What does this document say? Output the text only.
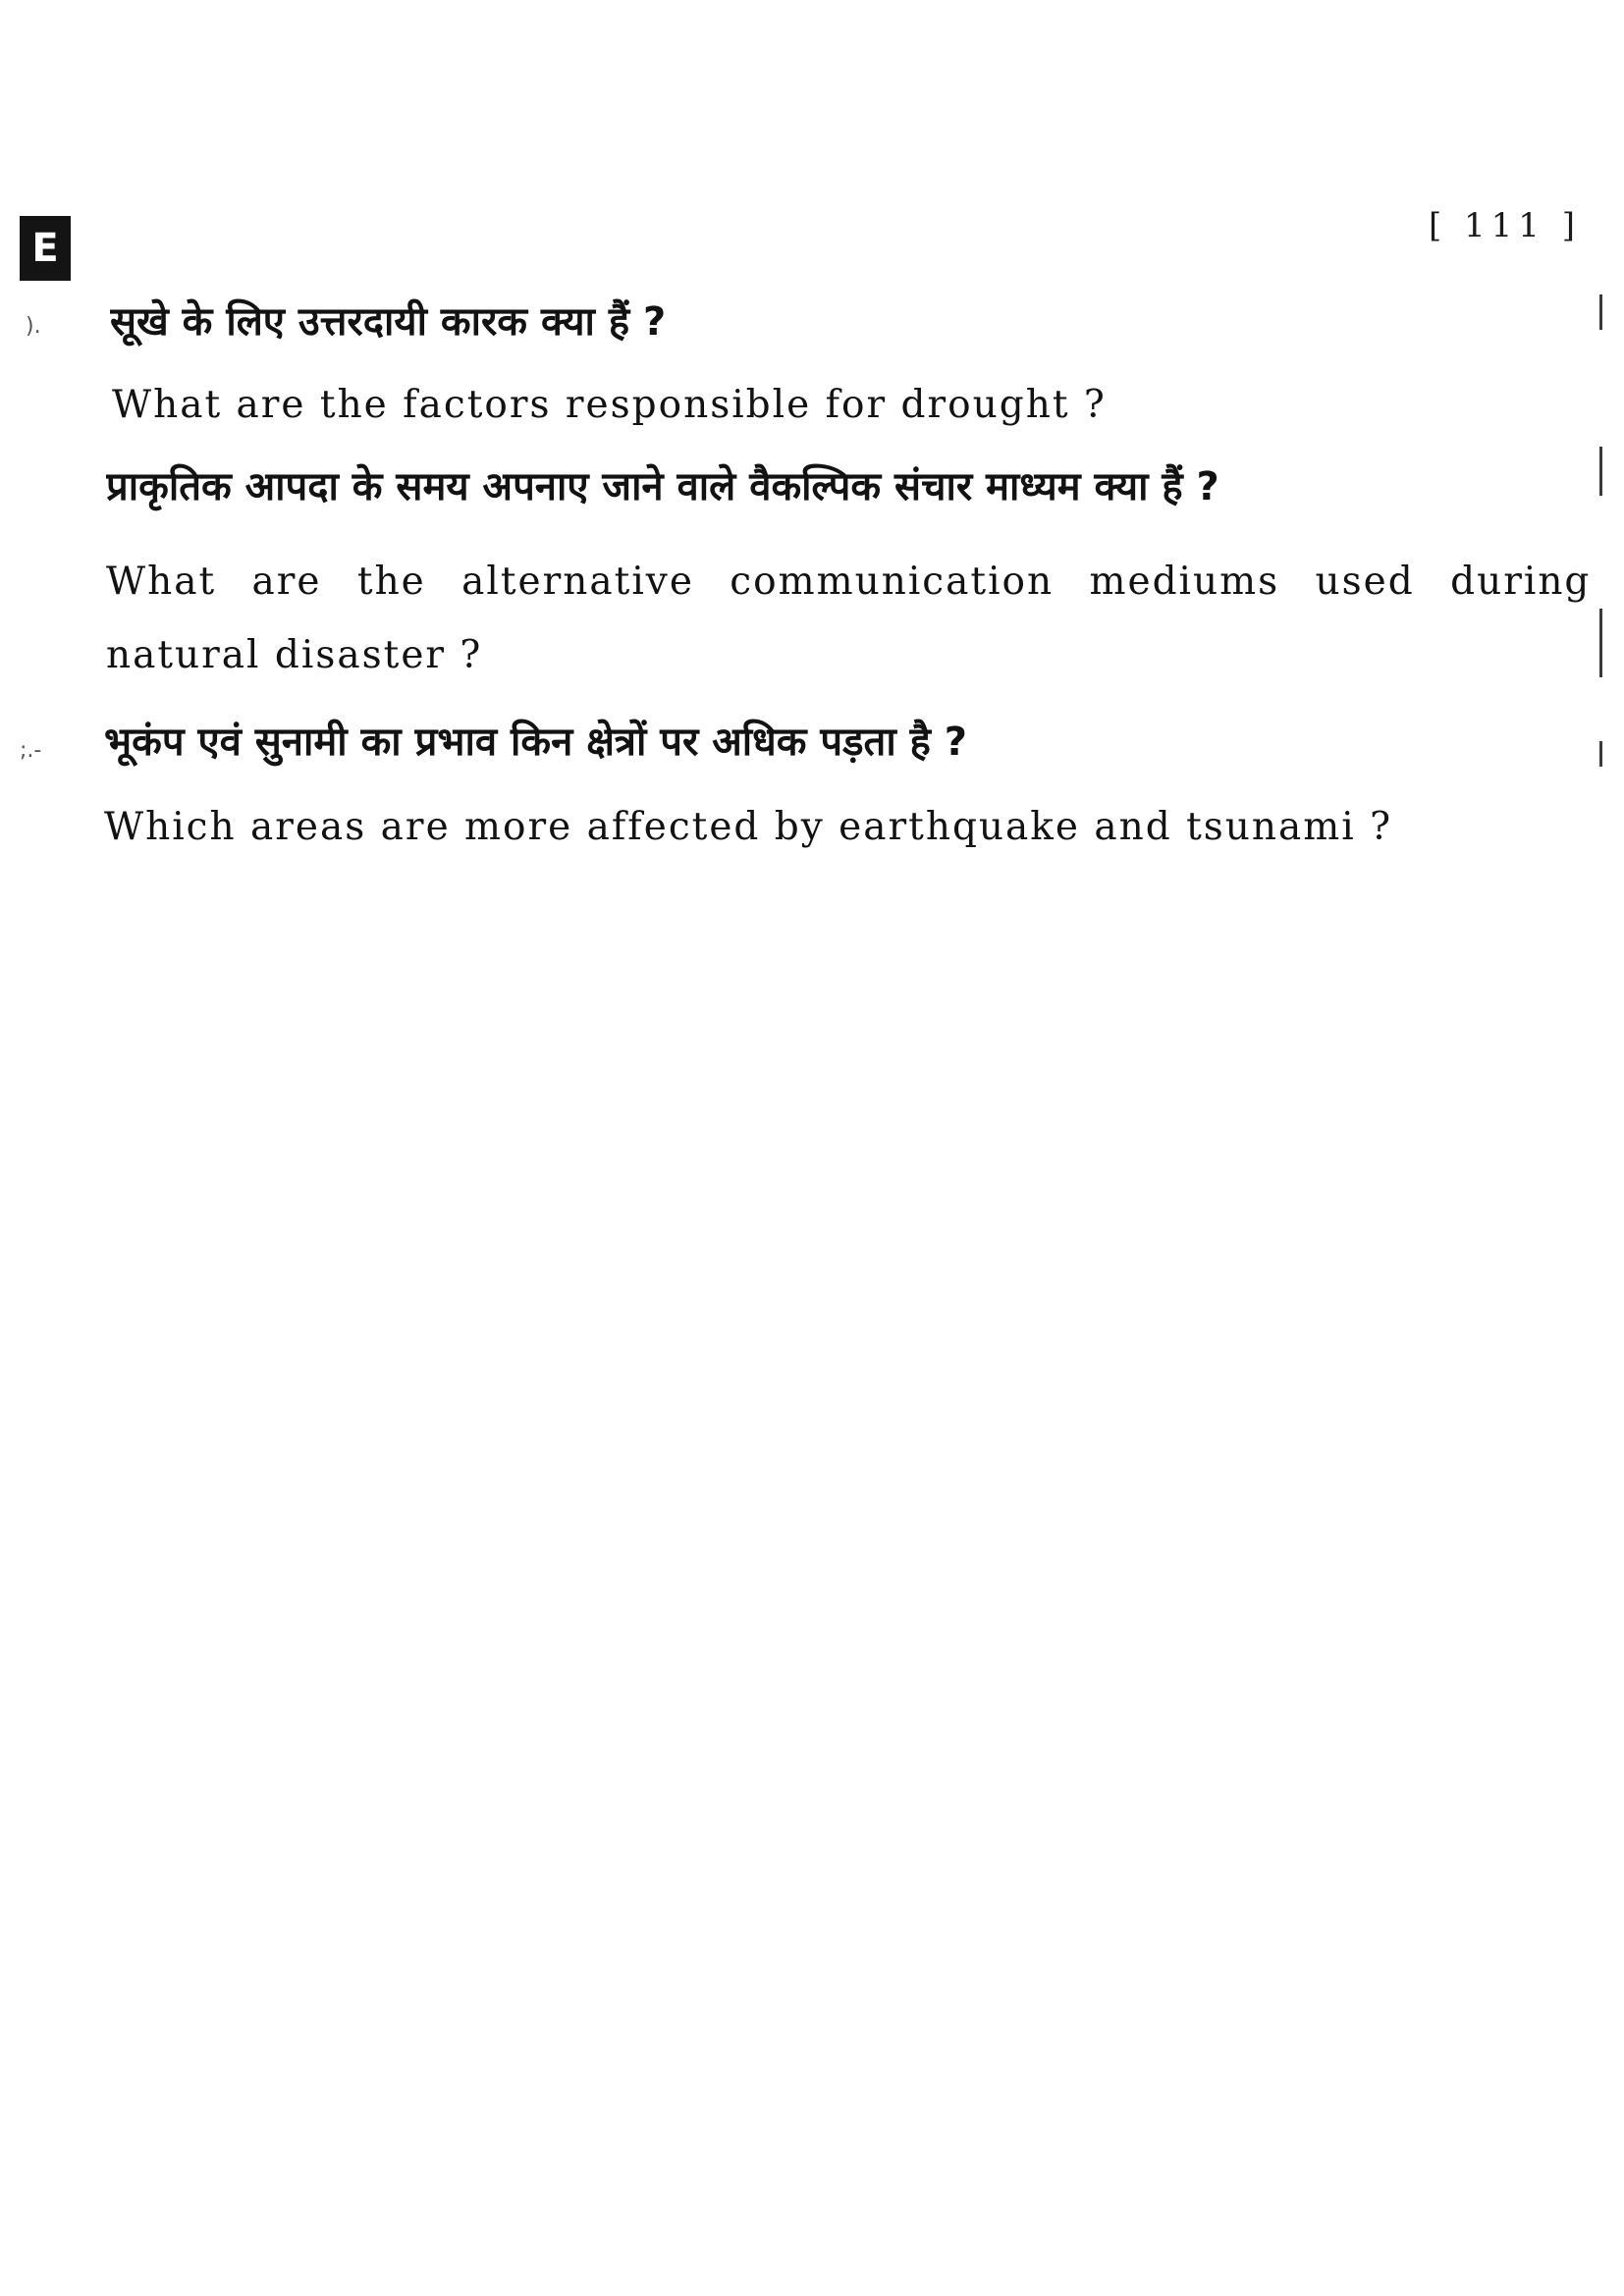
E	[ 111 ]
). सूखे के लिए उत्तरदायी कारक क्या हैं ?
What are the factors responsible for drought ?
प्राकृतिक आपदा के समय अपनाए जाने वाले वैकल्पिक संचार माध्यम क्या हैं ?
What are the alternative communication mediums used during
natural disaster ?
;.- भूकंप एवं सुनामी का प्रभाव किन क्षेत्रों पर अधिक पड़ता है ?
Which areas are more affected by earthquake and tsunami ?
